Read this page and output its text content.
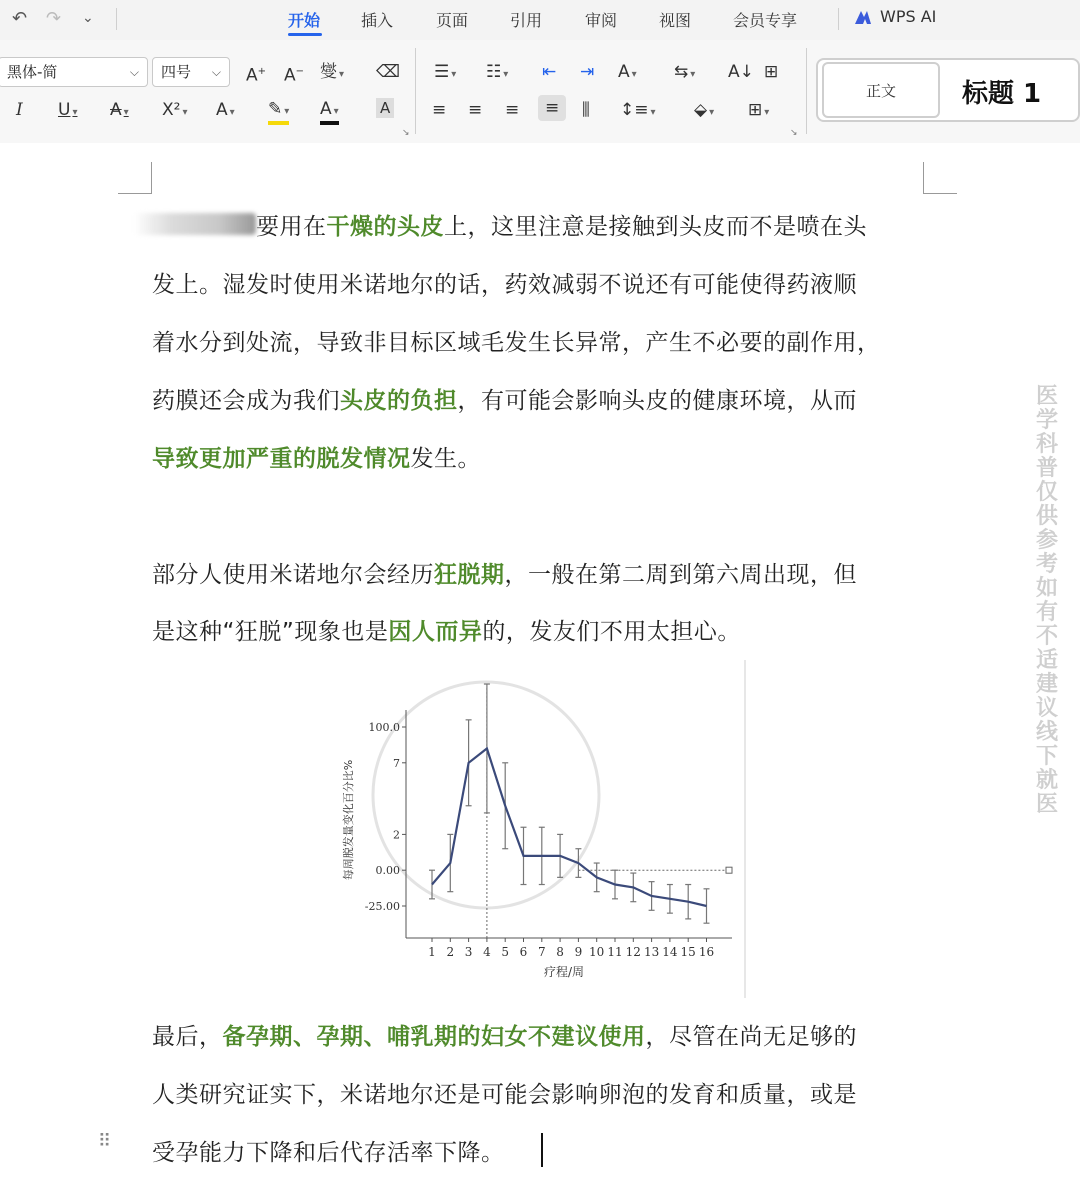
↶ ↷ ⌄	开始	插入	页面	引用	审阅	视图	会员专享	WPS AI
黑体-简	⌵	四号 ⌵ A+ A− 燮 ▾ ⌫
I U ▾ A ▾ X² ▾ A ▾ ✎ ▾ A ▾	A
↘
☰ ▾ ☷ ▾ ⇤ ⇥ A ▾ ⇆ ▾ A↓ ⊞
≡ ≡ ≡	≡	⫼ ↕≡ ▾ ⬙ ▾ ⊞ ▾
↘
正文	标题 1
要用在干燥的头皮上，这里注意是接触到头皮而不是喷在头
发上。湿发时使用米诺地尔的话，药效减弱不说还有可能使得药液顺
着水分到处流，导致非目标区域毛发生长异常，产生不必要的副作用，
药膜还会成为我们头皮的负担，有可能会影响头皮的健康环境，从而
导致更加严重的脱发情况发生。
部分人使用米诺地尔会经历狂脱期，一般在第二周到第六周出现，但
是这种“狂脱”现象也是因人而异的，发友们不用太担心。
100.0
7
2
0.00
-25.00
1 2 3 4 5 6 7 8 9 10 11 12 13 14 15 16
疗程/周
每周脱发量变化百分比%
最后，备孕期、孕期、哺乳期的妇女不建议使用，尽管在尚无足够的
人类研究证实下，米诺地尔还是可能会影响卵泡的发育和质量，或是
受孕能力下降和后代存活率下降。
⠿
医学科普 仅供参考 如有不适 建议线下就医
